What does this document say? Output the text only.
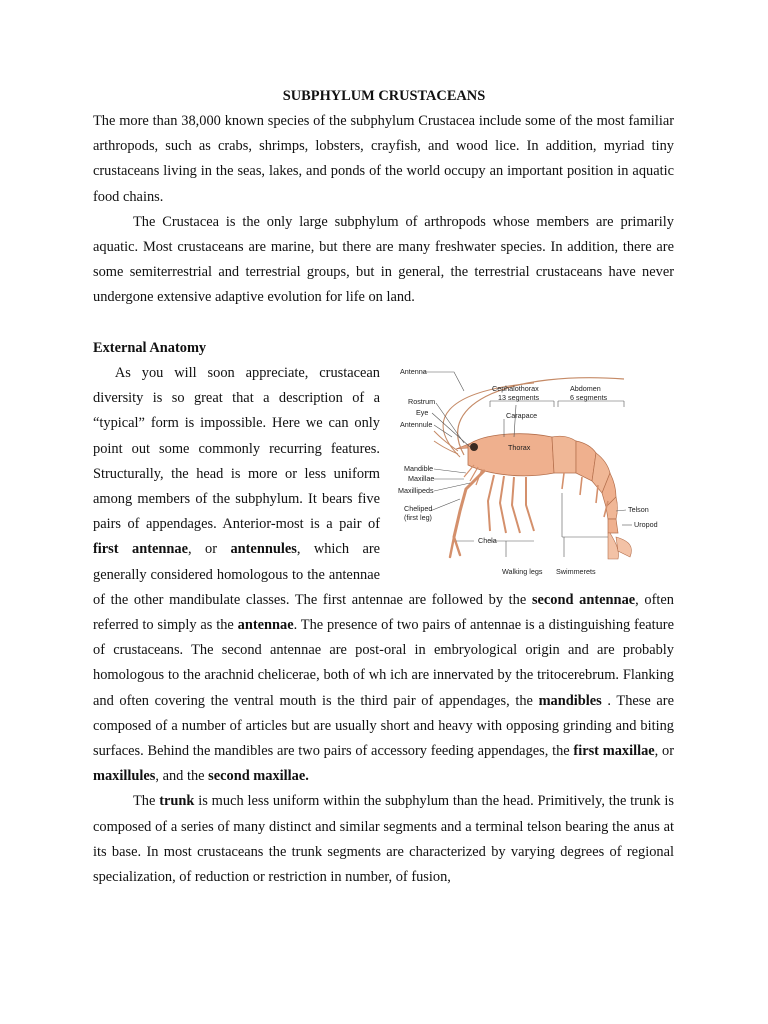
SUBPHYLUM CRUSTACEANS

The more than 38,000 known species of the subphylum Crustacea include some of the most familiar arthropods, such as crabs, shrimps, lobsters, crayfish, and wood lice. In addition, myriad tiny crustaceans living in the seas, lakes, and ponds of the world occupy an important position in aquatic food chains.

The Crustacea is the only large subphylum of arthropods whose members are primarily aquatic. Most crustaceans are marine, but there are many freshwater species. In addition, there are some semiterrestrial and terrestrial groups, but in general, the terrestrial crustaceans have never undergone extensive adaptive evolution for life on land.

External Anatomy

Antenna
Rostrum
Eye
Antennule
Cephalothorax
13 segments
Abdomen
6 segments
Carapace
Thorax
Mandible
Maxillae
Maxillipeds
Cheliped
(first leg)
Chela
Walking legs Swimmerets
Telson
Uropod

As you will soon appreciate, crustacean diversity is so great that a description of a “typical” form is impossible. Here we can only point out some commonly recurring features. Structurally, the head is more or less uniform among members of the subphylum. It bears five pairs of appendages. Anterior-most is a pair of first antennae, or antennules, which are generally considered homologous to the antennae of the other mandibulate classes. The first antennae are followed by the second antennae, often referred to simply as the antennae. The presence of two pairs of antennae is a distinguishing feature of crustaceans. The second antennae are post-oral in embryological origin and are probably homologous to the arachnid chelicerae, both of wh ich are innervated by the tritocerebrum. Flanking and often covering the ventral mouth is the third pair of appendages, the mandibles . These are composed of a number of articles but are usually short and heavy with opposing grinding and biting surfaces. Behind the mandibles are two pairs of accessory feeding appendages, the first maxillae, or maxillules, and the second maxillae.

The trunk is much less uniform within the subphylum than the head. Primitively, the trunk is composed of a series of many distinct and similar segments and a terminal telson bearing the anus at its base. In most crustaceans the trunk segments are characterized by varying degrees of regional specialization, of reduction or restriction in number, of fusion,
